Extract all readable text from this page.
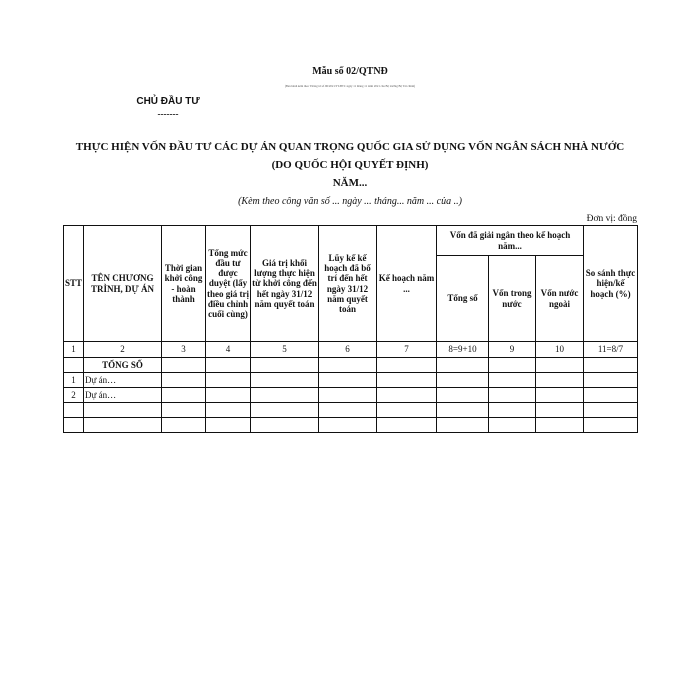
Mẫu số 02/QTNĐ
(Ban hành kèm theo Thông tư số 96/2021/TT-BTC ngày 11 tháng 11 năm 2021 của Bộ trưởng Bộ Tài chính)
CHỦ ĐẦU TƯ
-------
THỰC HIỆN VỐN ĐẦU TƯ CÁC DỰ ÁN QUAN TRỌNG QUỐC GIA SỬ DỤNG VỐN NGÂN SÁCH NHÀ NƯỚC
(DO QUỐC HỘI QUYẾT ĐỊNH)
NĂM...
(Kèm theo công văn số ... ngày ... tháng... năm ... của ..)
Đơn vị: đồng
STT	TÊN CHƯƠNG TRÌNH, DỰ ÁN	Thời gian khởi công - hoàn thành	Tổng mức đầu tư được duyệt (lấy theo giá trị điều chỉnh cuối cùng)	Giá trị khối lượng thực hiện từ khởi công đến hết ngày 31/12 năm quyết toán	Lũy kế kế hoạch đã bố trí đến hết ngày 31/12 năm quyết toán	Kế hoạch năm ...	Vốn đã giải ngân theo kế hoạch năm...			So sánh thực hiện/kế hoạch (%)
							Tổng số	Vốn trong nước	Vốn nước ngoài	
1	2	3	4	5	6	7	8=9+10	9	10	11=8/7
	TỔNG SỐ									
1	Dự án…									
2	Dự án…									
